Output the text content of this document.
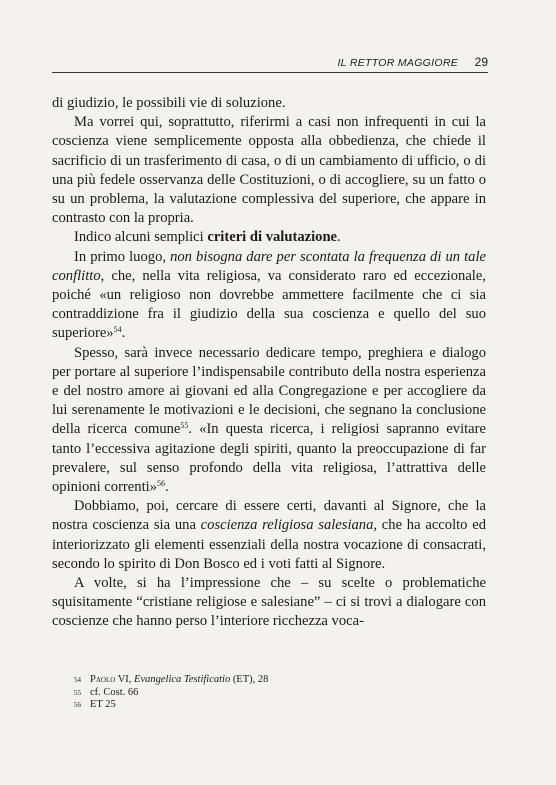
IL RETTOR MAGGIORE 29

di giudizio, le possibili vie di soluzione.

Ma vorrei qui, soprattutto, riferirmi a casi non infrequenti in cui la coscienza viene semplicemente opposta alla obbedienza, che chiede il sacrificio di un trasferimento di casa, o di un cambiamento di ufficio, o di una più fedele osservanza delle Costituzioni, o di accogliere, su un fatto o su un problema, la valutazione complessiva del superiore, che appare in contrasto con la propria.

Indico alcuni semplici criteri di valutazione.

In primo luogo, non bisogna dare per scontata la frequenza di un tale conflitto, che, nella vita religiosa, va considerato raro ed eccezionale, poiché «un religioso non dovrebbe ammettere facilmente che ci sia contraddizione fra il giudizio della sua coscienza e quello del suo superiore»$^{54}$.

Spesso, sarà invece necessario dedicare tempo, preghiera e dialogo per portare al superiore l’indispensabile contributo della nostra esperienza e del nostro amore ai giovani ed alla Congregazione e per accogliere da lui serenamente le motivazioni e le decisioni, che segnano la conclusione della ricerca comune$^{55}$. «In questa ricerca, i religiosi sapranno evitare tanto l’eccessiva agitazione degli spiriti, quanto la preoccupazione di far prevalere, sul senso profondo della vita religiosa, l’attrattiva delle opinioni correnti»$^{56}$.

Dobbiamo, poi, cercare di essere certi, davanti al Signore, che la nostra coscienza sia una coscienza religiosa salesiana, che ha accolto ed interiorizzato gli elementi essenziali della nostra vocazione di consacrati, secondo lo spirito di Don Bosco ed i voti fatti al Signore.

A volte, si ha l’impressione che – su scelte o problematiche squisitamente “cristiane religiose e salesiane” – ci si trovi a dialogare con coscienze che hanno perso l’interiore ricchezza voca-

54 Paolo VI, Evangelica Testificatio (ET), 28
55 cf. Cost. 66
56 ET 25
